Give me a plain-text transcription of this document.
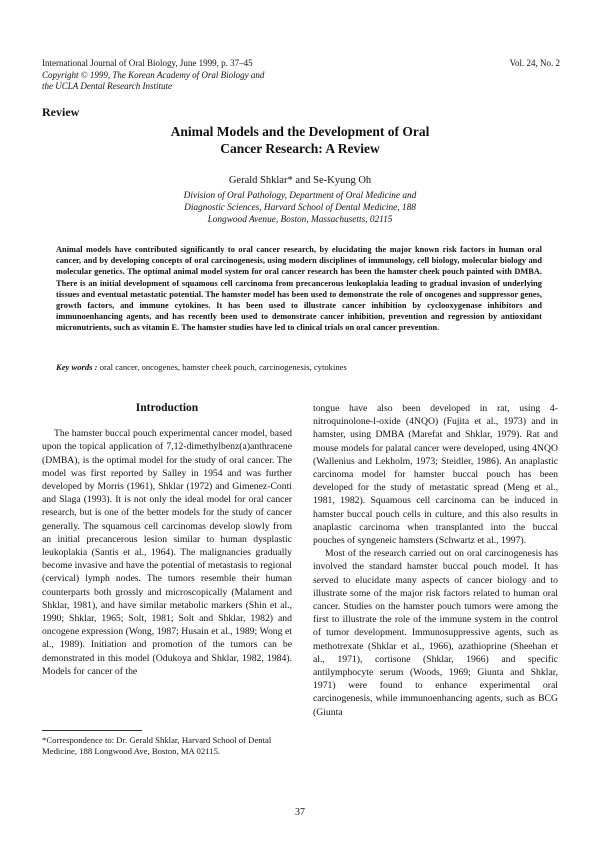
International Journal of Oral Biology, June 1999, p. 37–45
Copyright © 1999, The Korean Academy of Oral Biology and
the UCLA Dental Research Institute
Vol. 24, No. 2
Review
Animal Models and the Development of Oral
Cancer Research: A Review
Gerald Shklar* and Se-Kyung Oh
Division of Oral Pathology, Department of Oral Medicine and
Diagnostic Sciences, Harvard School of Dental Medicine, 188
Longwood Avenue, Boston, Massachusetts, 02115
Animal models have contributed significantly to oral cancer research, by elucidating the major known risk factors in human oral cancer, and by developing concepts of oral carcinogenesis, using modern disciplines of immunology, cell biology, molecular biology and molecular genetics. The optimal animal model system for oral cancer research has been the hamster cheek pouch painted with DMBA. There is an initial development of squamous cell carcinoma from precancerous leukoplakia leading to gradual invasion of underlying tissues and eventual metastatic potential. The hamster model has been used to demonstrate the role of oncogenes and suppressor genes, growth factors, and immune cytokines. It has been used to illustrate cancer inhibition by cyclooxygenase inhibitors and immunoenhancing agents, and has recently been used to demonstrate cancer inhibition, prevention and regression by antioxidant micronutrients, such as vitamin E. The hamster studies have led to clinical trials on oral cancer prevention.
Key words : oral cancer, oncogenes, hamster cheek pouch, carcinogenesis, cytokines
Introduction

The hamster buccal pouch experimental cancer model, based upon the topical application of 7,12-dimethylbenz(a)anthracene (DMBA), is the optimal model for the study of oral cancer. The model was first reported by Salley in 1954 and was further developed by Morris (1961), Shklar (1972) and Gimenez-Conti and Slaga (1993). It is not only the ideal model for oral cancer research, but is one of the better models for the study of cancer generally. The squamous cell carcinomas develop slowly from an initial precancerous lesion similar to human dysplastic leukoplakia (Santis et al., 1964). The malignancies gradually become invasive and have the potential of metastasis to regional (cervical) lymph nodes. The tumors resemble their human counterparts both grossly and microscopically (Malament and Shklar, 1981), and have similar metabolic markers (Shin et al., 1990; Shklar, 1965; Solt, 1981; Solt and Shklar, 1982) and oncogene expression (Wong, 1987; Husain et al., 1989; Wong et al., 1989). Initiation and promotion of the tumors can be demonstrated in this model (Odukoya and Shklar, 1982, 1984). Models for cancer of the

tongue have also been developed in rat, using 4-nitroquinolone-l-oxide (4NQO) (Fujita et al., 1973) and in hamster, using DMBA (Marefat and Shklar, 1979). Rat and mouse models for palatal cancer were developed, using 4NQO (Wallenius and Lekholm, 1973; Steidler, 1986). An anaplastic carcinoma model for hamster buccal pouch has been developed for the study of metastatic spread (Meng et al., 1981, 1982). Squamous cell carcinoma can be induced in hamster buccal pouch cells in culture, and this also results in anaplastic carcinoma when transplanted into the buccal pouches of syngeneic hamsters (Schwartz et al., 1997).

Most of the research carried out on oral carcinogenesis has involved the standard hamster buccal pouch model. It has served to elucidate many aspects of cancer biology and to illustrate some of the major risk factors related to human oral cancer. Studies on the hamster pouch tumors were among the first to illustrate the role of the immune system in the control of tumor development. Immunosuppressive agents, such as methotrexate (Shklar et al., 1966), azathioprine (Sheehan et al., 1971), cortisone (Shklar, 1966) and specific antilymphocyte serum (Woods, 1969; Giunta and Shklar, 1971) were found to enhance experimental oral carcinogenesis, while immunoenhancing agents, such as BCG (Giunta

*Correspondence to: Dr. Gerald Shklar, Harvard School of Dental Medicine, 188 Longwood Ave, Boston, MA 02115.
37
